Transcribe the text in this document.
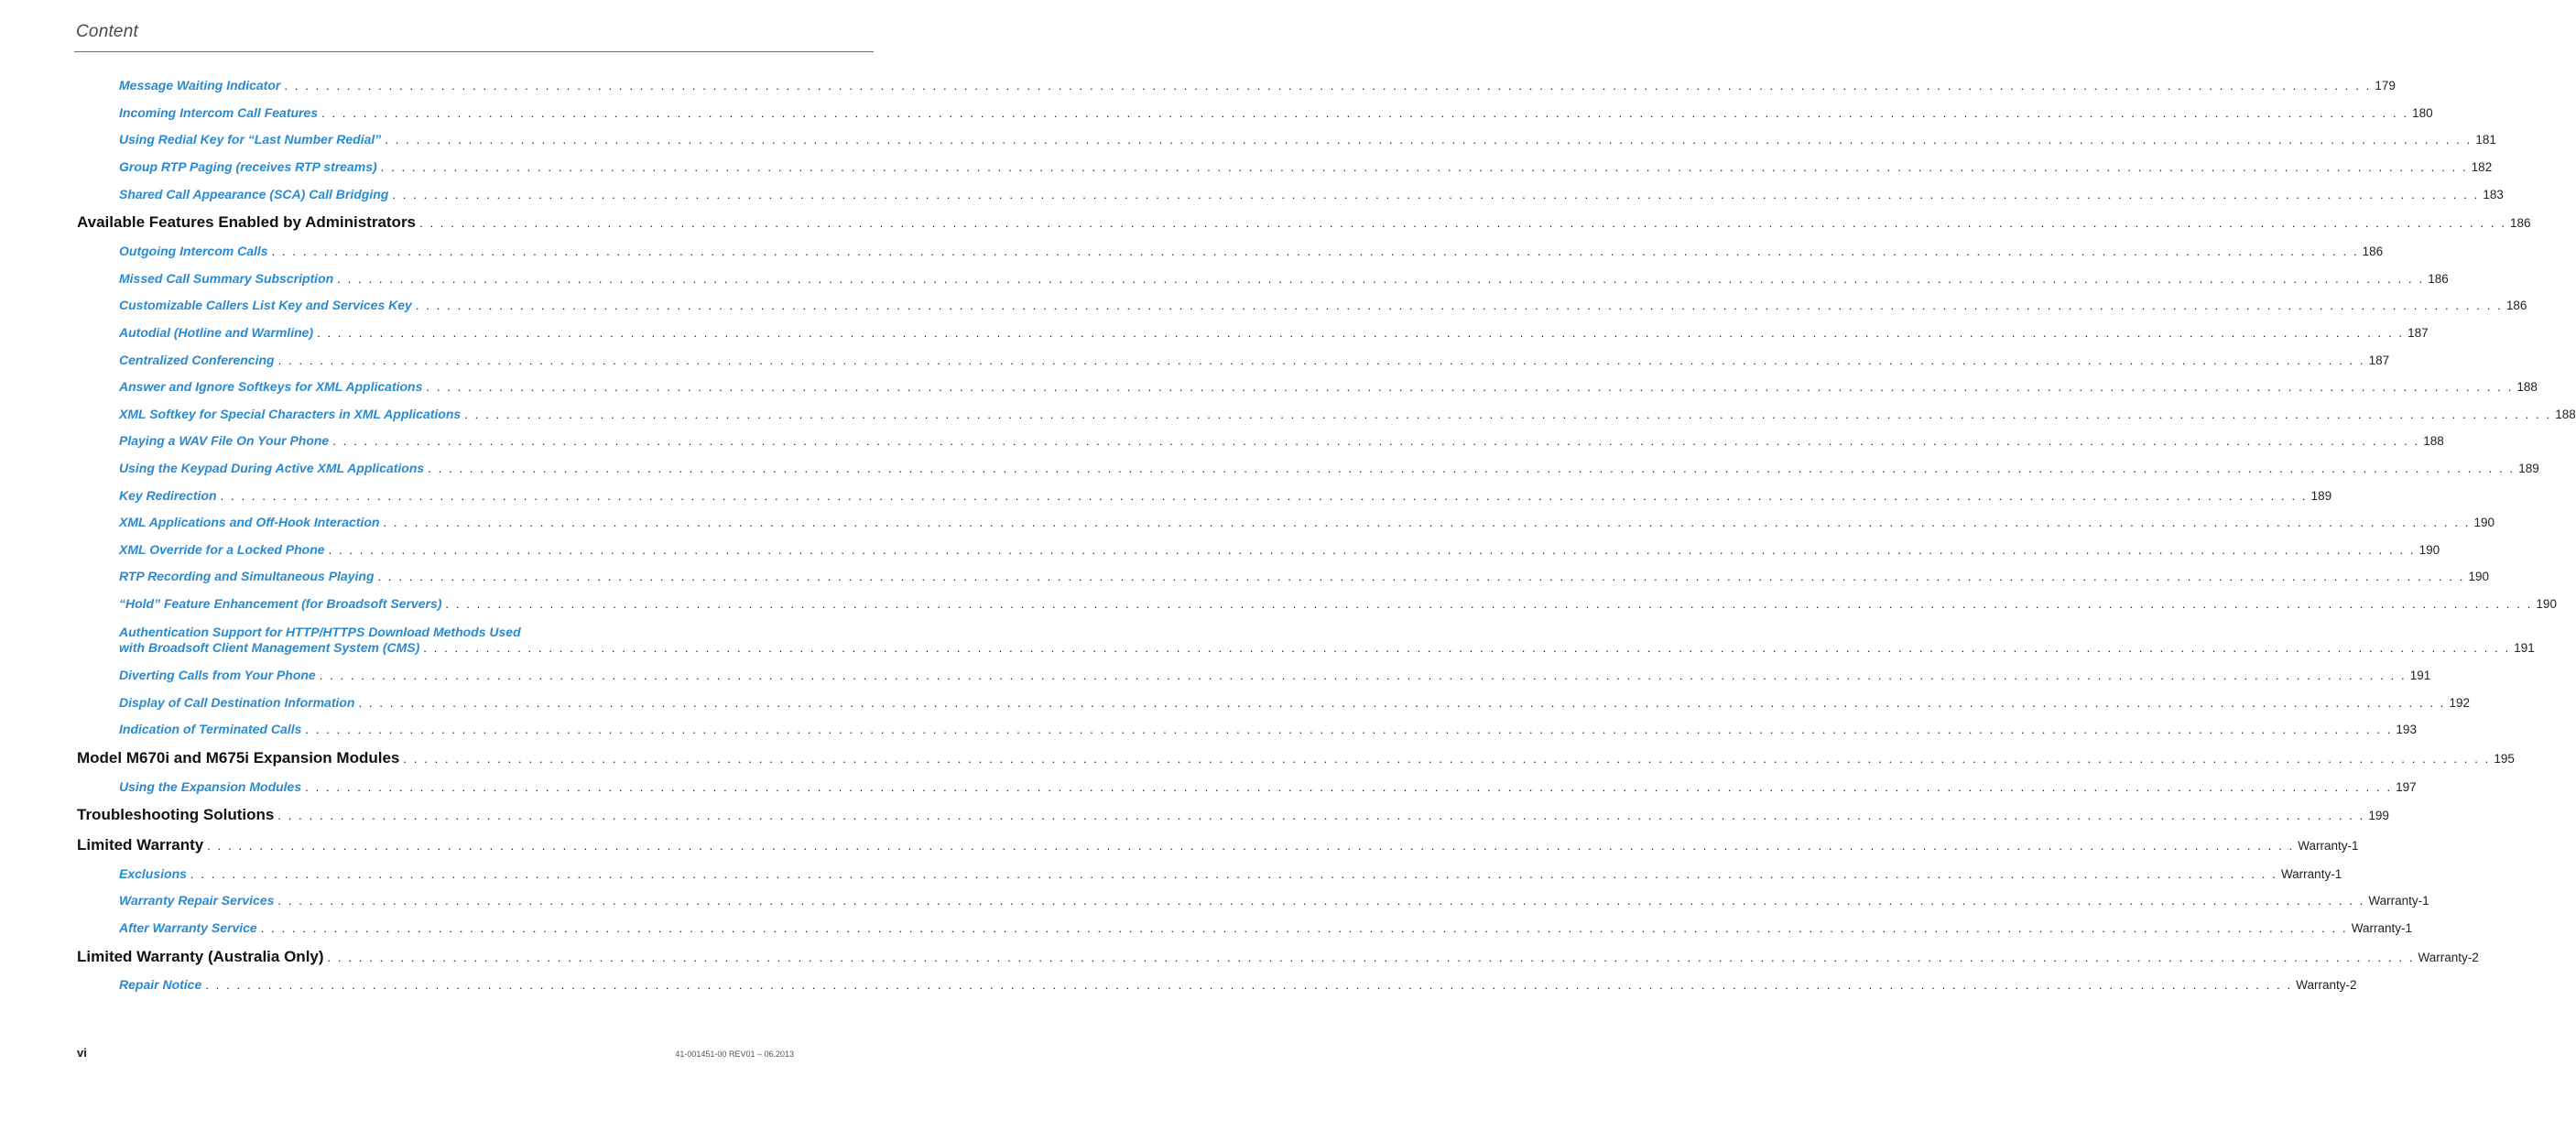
Content
Message Waiting Indicator . . . . . . . . . . . . . . . . . . . . . . . . . . . . . . . . . . . . . . . . . . . . . . . . . . . . . . . . . . . . . . . . . . . . . . . . . . . . . . . . . . . . . . . . . . . . . . . . . . . . . . . . . . . . . . . . . . . . . . . . . . . . . . . . . . . . . . . . . . . . . . . . . . . . . . . . . . . . . . . . . . . . . . . . . . . . . . . . . . . . . . . . . . . . . . . . . . . . . . . . 179
Incoming Intercom Call Features . . . . . . . . . . . . . . . . . . . . . . . . . . . . . . . . . . . . . . . . . . . . . . . . . . . . . . . . . . . . . . . . . . . . . . . . . . . . . . . . . . . . . . . . . . . . . . . . . . . . . . . . . . . . . . . . . . . . . . . . . . . . . . . . . . . . . . . . . . . . . . . . . . . . . . . . . . . . . . . . . . . . . . . . . . . . . . . . . . . . . . . . . . . . . . . . . . . . . . . . 180
Using Redial Key for “Last Number Redial” . . . . . . . . . . . . . . . . . . . . . . . . . . . . . . . . . . . . . . . . . . . . . . . . . . . . . . . . . . . . . . . . . . . . . . . . . . . . . . . . . . . . . . . . . . . . . . . . . . . . . . . . . . . . . . . . . . . . . . . . . . . . . . . . . . . . . . . . . . . . . . . . . . . . . . . . . . . . . . . . . . . . . . . . . . . . . . . . . . . . . . . . . . . . . . . . . . . . . . . . 181
Group RTP Paging (receives RTP streams) . . . . . . . . . . . . . . . . . . . . . . . . . . . . . . . . . . . . . . . . . . . . . . . . . . . . . . . . . . . . . . . . . . . . . . . . . . . . . . . . . . . . . . . . . . . . . . . . . . . . . . . . . . . . . . . . . . . . . . . . . . . . . . . . . . . . . . . . . . . . . . . . . . . . . . . . . . . . . . . . . . . . . . . . . . . . . . . . . . . . . . . . . . . . . . . . . . . . . . . . 182
Shared Call Appearance (SCA) Call Bridging . . . . . . . . . . . . . . . . . . . . . . . . . . . . . . . . . . . . . . . . . . . . . . . . . . . . . . . . . . . . . . . . . . . . . . . . . . . . . . . . . . . . . . . . . . . . . . . . . . . . . . . . . . . . . . . . . . . . . . . . . . . . . . . . . . . . . . . . . . . . . . . . . . . . . . . . . . . . . . . . . . . . . . . . . . . . . . . . . . . . . . . . . . . . . . . . . . . . . . . . 183
Available Features Enabled by Administrators . . . . . . . . . . . . . . . . . . . . . . . . . . . . . . . . . . . . . . . . . . . . . . . . . . . . . . . . . . . . . . . . . . . . . . . . . . . . . . . . . . . . . . . . . . . . . . . . . . . . . . . . . . . . . . . . . . . . . . . . . . . . . . . . . . . . . . . . . . . . . . . . . . . . . . . . . . . . . . . . . . . . . . . . . . . . . . . . . . . . . . . . . . . . . . . . . . . . . . . . 186
Outgoing Intercom Calls . . . . . . . . . . . . . . . . . . . . . . . . . . . . . . . . . . . . . . . . . . . . . . . . . . . . . . . . . . . . . . . . . . . . . . . . . . . . . . . . . . . . . . . . . . . . . . . . . . . . . . . . . . . . . . . . . . . . . . . . . . . . . . . . . . . . . . . . . . . . . . . . . . . . . . . . . . . . . . . . . . . . . . . . . . . . . . . . . . . . . . . . . . . . . . . . . . . . . . . . 186
Missed Call Summary Subscription . . . . . . . . . . . . . . . . . . . . . . . . . . . . . . . . . . . . . . . . . . . . . . . . . . . . . . . . . . . . . . . . . . . . . . . . . . . . . . . . . . . . . . . . . . . . . . . . . . . . . . . . . . . . . . . . . . . . . . . . . . . . . . . . . . . . . . . . . . . . . . . . . . . . . . . . . . . . . . . . . . . . . . . . . . . . . . . . . . . . . . . . . . . . . . . . . . . . . . . . 186
Customizable Callers List Key and Services Key . . . . . . . . . . . . . . . . . . . . . . . . . . . . . . . . . . . . . . . . . . . . . . . . . . . . . . . . . . . . . . . . . . . . . . . . . . . . . . . . . . . . . . . . . . . . . . . . . . . . . . . . . . . . . . . . . . . . . . . . . . . . . . . . . . . . . . . . . . . . . . . . . . . . . . . . . . . . . . . . . . . . . . . . . . . . . . . . . . . . . . . . . . . . . . . . . . . . . . . . 186
Autodial (Hotline and Warmline) . . . . . . . . . . . . . . . . . . . . . . . . . . . . . . . . . . . . . . . . . . . . . . . . . . . . . . . . . . . . . . . . . . . . . . . . . . . . . . . . . . . . . . . . . . . . . . . . . . . . . . . . . . . . . . . . . . . . . . . . . . . . . . . . . . . . . . . . . . . . . . . . . . . . . . . . . . . . . . . . . . . . . . . . . . . . . . . . . . . . . . . . . . . . . . . . . . . . . . . . 187
Centralized Conferencing . . . . . . . . . . . . . . . . . . . . . . . . . . . . . . . . . . . . . . . . . . . . . . . . . . . . . . . . . . . . . . . . . . . . . . . . . . . . . . . . . . . . . . . . . . . . . . . . . . . . . . . . . . . . . . . . . . . . . . . . . . . . . . . . . . . . . . . . . . . . . . . . . . . . . . . . . . . . . . . . . . . . . . . . . . . . . . . . . . . . . . . . . . . . . . . . . . . . . . . . 187
Answer and Ignore Softkeys for XML Applications . . . . . . . . . . . . . . . . . . . . . . . . . . . . . . . . . . . . . . . . . . . . . . . . . . . . . . . . . . . . . . . . . . . . . . . . . . . . . . . . . . . . . . . . . . . . . . . . . . . . . . . . . . . . . . . . . . . . . . . . . . . . . . . . . . . . . . . . . . . . . . . . . . . . . . . . . . . . . . . . . . . . . . . . . . . . . . . . . . . . . . . . . . . . . . . . . . . . . . . . 188
XML Softkey for Special Characters in XML Applications . . . . . . . . . . . . . . . . . . . . . . . . . . . . . . . . . . . . . . . . . . . . . . . . . . . . . . . . . . . . . . . . . . . . . . . . . . . . . . . . . . . . . . . . . . . . . . . . . . . . . . . . . . . . . . . . . . . . . . . . . . . . . . . . . . . . . . . . . . . . . . . . . . . . . . . . . . . . . . . . . . . . . . . . . . . . . . . . . . . . . . . . . . . . . . . . . . . . . . . . 188
Playing a WAV File On Your Phone . . . . . . . . . . . . . . . . . . . . . . . . . . . . . . . . . . . . . . . . . . . . . . . . . . . . . . . . . . . . . . . . . . . . . . . . . . . . . . . . . . . . . . . . . . . . . . . . . . . . . . . . . . . . . . . . . . . . . . . . . . . . . . . . . . . . . . . . . . . . . . . . . . . . . . . . . . . . . . . . . . . . . . . . . . . . . . . . . . . . . . . . . . . . . . . . . . . . . . . . 188
Using the Keypad During Active XML Applications . . . . . . . . . . . . . . . . . . . . . . . . . . . . . . . . . . . . . . . . . . . . . . . . . . . . . . . . . . . . . . . . . . . . . . . . . . . . . . . . . . . . . . . . . . . . . . . . . . . . . . . . . . . . . . . . . . . . . . . . . . . . . . . . . . . . . . . . . . . . . . . . . . . . . . . . . . . . . . . . . . . . . . . . . . . . . . . . . . . . . . . . . . . . . . . . . . . . . . . . 189
Key Redirection . . . . . . . . . . . . . . . . . . . . . . . . . . . . . . . . . . . . . . . . . . . . . . . . . . . . . . . . . . . . . . . . . . . . . . . . . . . . . . . . . . . . . . . . . . . . . . . . . . . . . . . . . . . . . . . . . . . . . . . . . . . . . . . . . . . . . . . . . . . . . . . . . . . . . . . . . . . . . . . . . . . . . . . . . . . . . . . . . . . . . . . . . . . . . . . . . . . . . . . . 189
XML Applications and Off-Hook Interaction . . . . . . . . . . . . . . . . . . . . . . . . . . . . . . . . . . . . . . . . . . . . . . . . . . . . . . . . . . . . . . . . . . . . . . . . . . . . . . . . . . . . . . . . . . . . . . . . . . . . . . . . . . . . . . . . . . . . . . . . . . . . . . . . . . . . . . . . . . . . . . . . . . . . . . . . . . . . . . . . . . . . . . . . . . . . . . . . . . . . . . . . . . . . . . . . . . . . . . . . 190
XML Override for a Locked Phone . . . . . . . . . . . . . . . . . . . . . . . . . . . . . . . . . . . . . . . . . . . . . . . . . . . . . . . . . . . . . . . . . . . . . . . . . . . . . . . . . . . . . . . . . . . . . . . . . . . . . . . . . . . . . . . . . . . . . . . . . . . . . . . . . . . . . . . . . . . . . . . . . . . . . . . . . . . . . . . . . . . . . . . . . . . . . . . . . . . . . . . . . . . . . . . . . . . . . . . . 190
RTP Recording and Simultaneous Playing . . . . . . . . . . . . . . . . . . . . . . . . . . . . . . . . . . . . . . . . . . . . . . . . . . . . . . . . . . . . . . . . . . . . . . . . . . . . . . . . . . . . . . . . . . . . . . . . . . . . . . . . . . . . . . . . . . . . . . . . . . . . . . . . . . . . . . . . . . . . . . . . . . . . . . . . . . . . . . . . . . . . . . . . . . . . . . . . . . . . . . . . . . . . . . . . . . . . . . . . 190
“Hold” Feature Enhancement (for Broadsoft Servers) . . . . . . . . . . . . . . . . . . . . . . . . . . . . . . . . . . . . . . . . . . . . . . . . . . . . . . . . . . . . . . . . . . . . . . . . . . . . . . . . . . . . . . . . . . . . . . . . . . . . . . . . . . . . . . . . . . . . . . . . . . . . . . . . . . . . . . . . . . . . . . . . . . . . . . . . . . . . . . . . . . . . . . . . . . . . . . . . . . . . . . . . . . . . . . . . . . . . . . . . 190
Authentication Support for HTTP/HTTPS Download Methods Used
with Broadsoft Client Management System (CMS) . . . . . . . . . . . . . . . . . . . . . . . . . . . . . . . . . . . . . . . . . . . . . . . . . . . . . . . . . . . . . . . . . . . . . . . . . . . . . . . . . . . . . . . . . . . . . . . . . . . . . . . . . . . . . . . . . . . . . . . . . . . . . . . . . . . . . . . . . . . . . . . . . . . . . . . . . . . . . . . . . . . . . . . . . . . . . . . . . . . . . . . . . . . . . . . . . . . . . . . . 191
Diverting Calls from Your Phone . . . . . . . . . . . . . . . . . . . . . . . . . . . . . . . . . . . . . . . . . . . . . . . . . . . . . . . . . . . . . . . . . . . . . . . . . . . . . . . . . . . . . . . . . . . . . . . . . . . . . . . . . . . . . . . . . . . . . . . . . . . . . . . . . . . . . . . . . . . . . . . . . . . . . . . . . . . . . . . . . . . . . . . . . . . . . . . . . . . . . . . . . . . . . . . . . . . . . . . . 191
Display of Call Destination Information . . . . . . . . . . . . . . . . . . . . . . . . . . . . . . . . . . . . . . . . . . . . . . . . . . . . . . . . . . . . . . . . . . . . . . . . . . . . . . . . . . . . . . . . . . . . . . . . . . . . . . . . . . . . . . . . . . . . . . . . . . . . . . . . . . . . . . . . . . . . . . . . . . . . . . . . . . . . . . . . . . . . . . . . . . . . . . . . . . . . . . . . . . . . . . . . . . . . . . . . 192
Indication of Terminated Calls . . . . . . . . . . . . . . . . . . . . . . . . . . . . . . . . . . . . . . . . . . . . . . . . . . . . . . . . . . . . . . . . . . . . . . . . . . . . . . . . . . . . . . . . . . . . . . . . . . . . . . . . . . . . . . . . . . . . . . . . . . . . . . . . . . . . . . . . . . . . . . . . . . . . . . . . . . . . . . . . . . . . . . . . . . . . . . . . . . . . . . . . . . . . . . . . . . . . . . . . 193
Model M670i and M675i Expansion Modules . . . . . . . . . . . . . . . . . . . . . . . . . . . . . . . . . . . . . . . . . . . . . . . . . . . . . . . . . . . . . . . . . . . . . . . . . . . . . . . . . . . . . . . . . . . . . . . . . . . . . . . . . . . . . . . . . . . . . . . . . . . . . . . . . . . . . . . . . . . . . . . . . . . . . . . . . . . . . . . . . . . . . . . . . . . . . . . . . . . . . . . . . . . . . . . . . . . . . . . . 195
Using the Expansion Modules . . . . . . . . . . . . . . . . . . . . . . . . . . . . . . . . . . . . . . . . . . . . . . . . . . . . . . . . . . . . . . . . . . . . . . . . . . . . . . . . . . . . . . . . . . . . . . . . . . . . . . . . . . . . . . . . . . . . . . . . . . . . . . . . . . . . . . . . . . . . . . . . . . . . . . . . . . . . . . . . . . . . . . . . . . . . . . . . . . . . . . . . . . . . . . . . . . . . . . . . 197
Troubleshooting Solutions . . . . . . . . . . . . . . . . . . . . . . . . . . . . . . . . . . . . . . . . . . . . . . . . . . . . . . . . . . . . . . . . . . . . . . . . . . . . . . . . . . . . . . . . . . . . . . . . . . . . . . . . . . . . . . . . . . . . . . . . . . . . . . . . . . . . . . . . . . . . . . . . . . . . . . . . . . . . . . . . . . . . . . . . . . . . . . . . . . . . . . . . . . . . . . . . . . . . . . . . 199
Limited Warranty . . . . . . . . . . . . . . . . . . . . . . . . . . . . . . . . . . . . . . . . . . . . . . . . . . . . . . . . . . . . . . . . . . . . . . . . . . . . . . . . . . . . . . . . . . . . . . . . . . . . . . . . . . . . . . . . . . . . . . . . . . . . . . . . . . . . . . . . . . . . . . . . . . . . . . . . . . . . . . . . . . . . . . . . . . . . . . . . . . . . . . . . . . . . . . . . . . . . . . . . Warranty-1
Exclusions . . . . . . . . . . . . . . . . . . . . . . . . . . . . . . . . . . . . . . . . . . . . . . . . . . . . . . . . . . . . . . . . . . . . . . . . . . . . . . . . . . . . . . . . . . . . . . . . . . . . . . . . . . . . . . . . . . . . . . . . . . . . . . . . . . . . . . . . . . . . . . . . . . . . . . . . . . . . . . . . . . . . . . . . . . . . . . . . . . . . . . . . . . . . . . . . . . . . . . . . Warranty-1
Warranty Repair Services . . . . . . . . . . . . . . . . . . . . . . . . . . . . . . . . . . . . . . . . . . . . . . . . . . . . . . . . . . . . . . . . . . . . . . . . . . . . . . . . . . . . . . . . . . . . . . . . . . . . . . . . . . . . . . . . . . . . . . . . . . . . . . . . . . . . . . . . . . . . . . . . . . . . . . . . . . . . . . . . . . . . . . . . . . . . . . . . . . . . . . . . . . . . . . . . . . . . . . . . Warranty-1
After Warranty Service . . . . . . . . . . . . . . . . . . . . . . . . . . . . . . . . . . . . . . . . . . . . . . . . . . . . . . . . . . . . . . . . . . . . . . . . . . . . . . . . . . . . . . . . . . . . . . . . . . . . . . . . . . . . . . . . . . . . . . . . . . . . . . . . . . . . . . . . . . . . . . . . . . . . . . . . . . . . . . . . . . . . . . . . . . . . . . . . . . . . . . . . . . . . . . . . . . . . . . . . Warranty-1
Limited Warranty (Australia Only) . . . . . . . . . . . . . . . . . . . . . . . . . . . . . . . . . . . . . . . . . . . . . . . . . . . . . . . . . . . . . . . . . . . . . . . . . . . . . . . . . . . . . . . . . . . . . . . . . . . . . . . . . . . . . . . . . . . . . . . . . . . . . . . . . . . . . . . . . . . . . . . . . . . . . . . . . . . . . . . . . . . . . . . . . . . . . . . . . . . . . . . . . . . . . . . . . . . . . . . . Warranty-2
Repair Notice . . . . . . . . . . . . . . . . . . . . . . . . . . . . . . . . . . . . . . . . . . . . . . . . . . . . . . . . . . . . . . . . . . . . . . . . . . . . . . . . . . . . . . . . . . . . . . . . . . . . . . . . . . . . . . . . . . . . . . . . . . . . . . . . . . . . . . . . . . . . . . . . . . . . . . . . . . . . . . . . . . . . . . . . . . . . . . . . . . . . . . . . . . . . . . . . . . . . . . . . Warranty-2
vi	41-001451-00 REV01 – 06.2013
